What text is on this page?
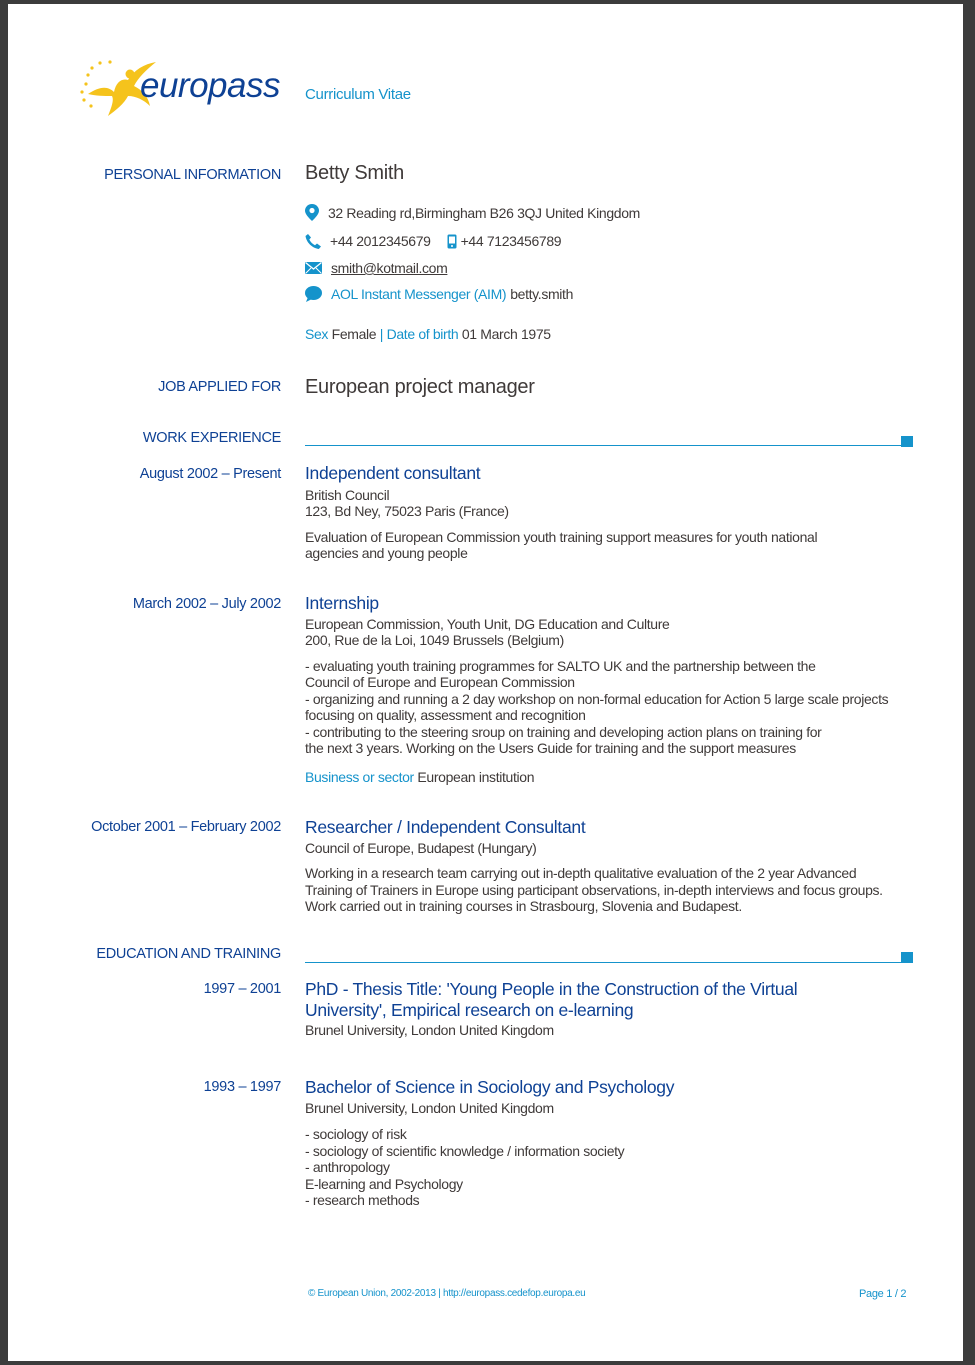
europass Curriculum Vitae
PERSONAL INFORMATION Betty Smith
32 Reading rd,Birmingham B26 3QJ United Kingdom
+44 2012345679 +44 7123456789
smith@kotmail.com
AOL Instant Messenger (AIM) betty.smith
Sex Female | Date of birth 01 March 1975
JOB APPLIED FOR European project manager
WORK EXPERIENCE
August 2002 – Present Independent consultant
British Council
123, Bd Ney, 75023 Paris (France)
Evaluation of European Commission youth training support measures for youth national
agencies and young people
March 2002 – July 2002 Internship
European Commission, Youth Unit, DG Education and Culture
200, Rue de la Loi, 1049 Brussels (Belgium)
- evaluating youth training programmes for SALTO UK and the partnership between the
Council of Europe and European Commission
- organizing and running a 2 day workshop on non-formal education for Action 5 large scale projects
focusing on quality, assessment and recognition
- contributing to the steering sroup on training and developing action plans on training for
the next 3 years. Working on the Users Guide for training and the support measures
Business or sector European institution
October 2001 – February 2002 Researcher / Independent Consultant
Council of Europe, Budapest (Hungary)
Working in a research team carrying out in-depth qualitative evaluation of the 2 year Advanced
Training of Trainers in Europe using participant observations, in-depth interviews and focus groups.
Work carried out in training courses in Strasbourg, Slovenia and Budapest.
EDUCATION AND TRAINING
1997 – 2001 PhD - Thesis Title: 'Young People in the Construction of the Virtual
University', Empirical research on e-learning
Brunel University, London United Kingdom
1993 – 1997 Bachelor of Science in Sociology and Psychology
Brunel University, London United Kingdom
- sociology of risk
- sociology of scientific knowledge / information society
- anthropology
E-learning and Psychology
- research methods
© European Union, 2002-2013 | http://europass.cedefop.europa.eu	Page 1 / 2
